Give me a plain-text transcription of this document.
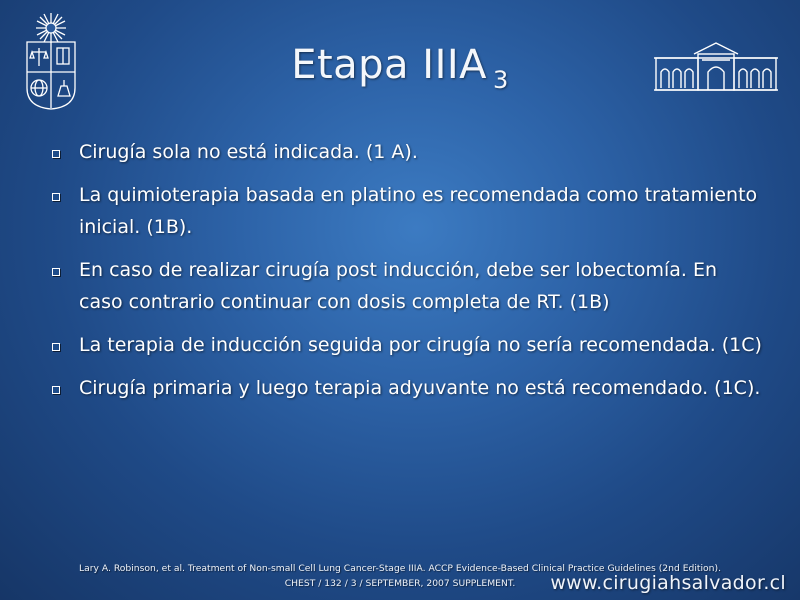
Etapa IIIA $_3$
Cirugía sola no está indicada. (1 A).
La quimioterapia basada en platino es recomendada como tratamiento inicial. (1B).
En caso de realizar cirugía post inducción, debe ser lobectomía. En caso contrario continuar con dosis completa de RT. (1B)
La terapia de inducción seguida por cirugía no sería recomendada. (1C)
Cirugía primaria y luego terapia adyuvante no está recomendado. (1C).
Lary A. Robinson, et al. Treatment of Non-small Cell Lung Cancer-Stage IIIA. ACCP Evidence-Based Clinical Practice Guidelines (2nd Edition).
CHEST / 132 / 3 / SEPTEMBER, 2007 SUPPLEMENT.	www.cirugiahsalvador.cl
